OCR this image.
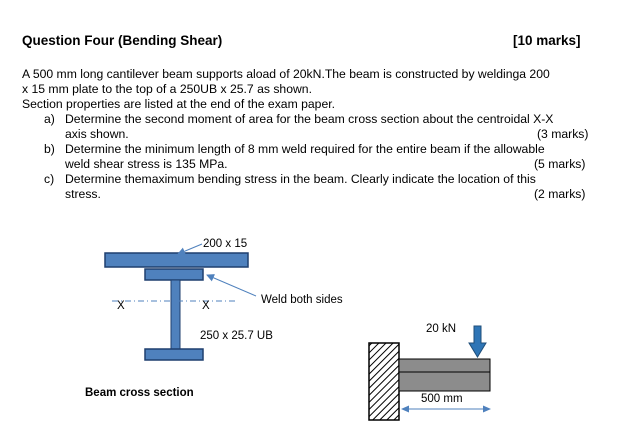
Question Four (Bending Shear)	[10 marks]
A 500 mm long cantilever beam supports aload of 20kN.The beam is constructed by weldinga 200
x 15 mm plate to the top of a 250UB x 25.7 as shown.
Section properties are listed at the end of the exam paper.
a) Determine the second moment of area for the beam cross section about the centroidal X-X
axis shown.	(3 marks)
b) Determine the minimum length of 8 mm weld required for the entire beam if the allowable
weld shear stress is 135 MPa.	(5 marks)
c) Determine themaximum bending stress in the beam. Clearly indicate the location of this
stress.	(2 marks)
200 x 15
Weld both sides
250 x 25.7 UB
X	X
Beam cross section
20 kN
500 mm
